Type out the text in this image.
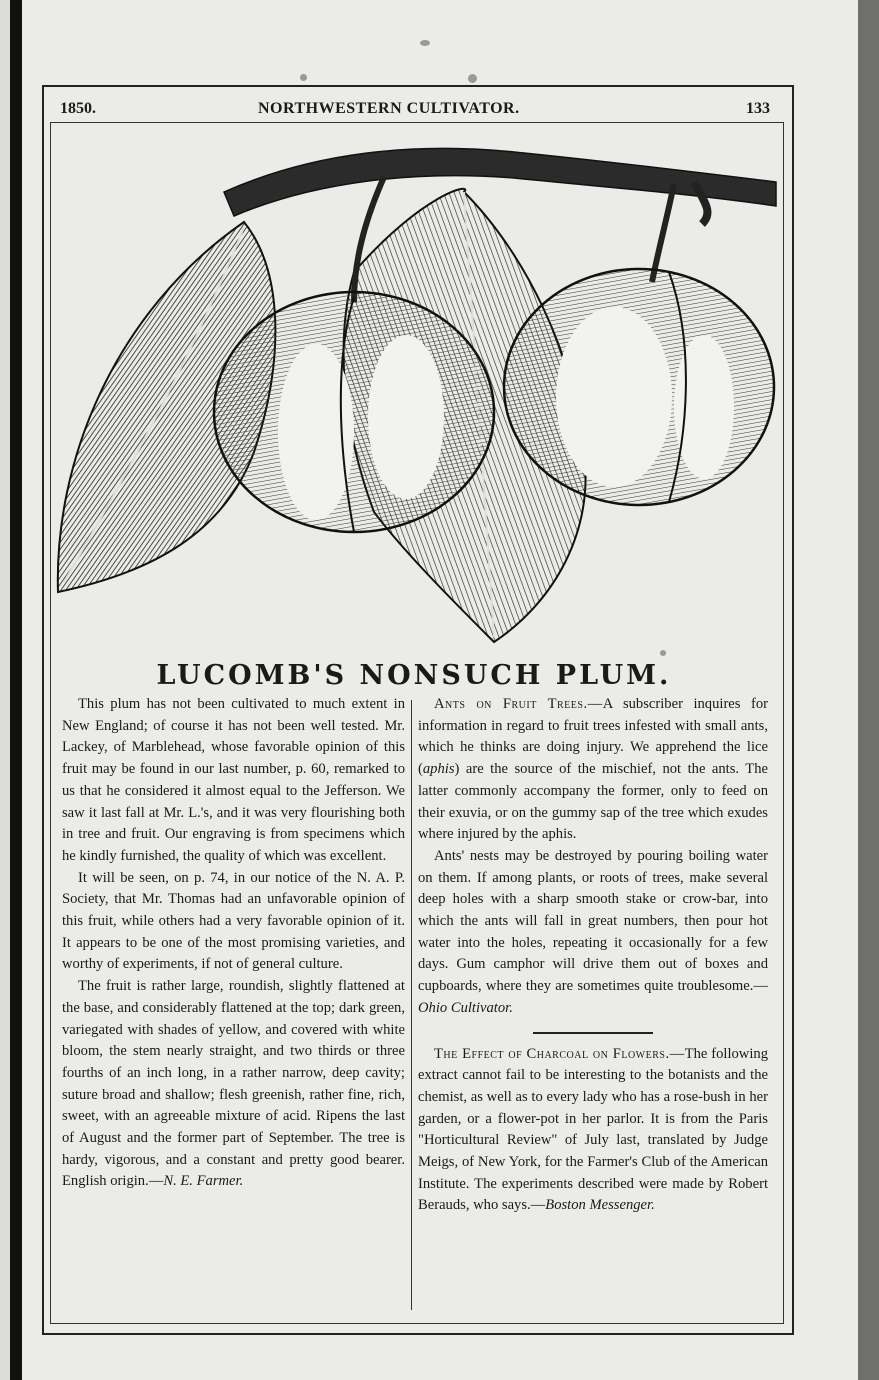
1850.	NORTHWESTERN CULTIVATOR.	133
LUCOMB'S NONSUCH PLUM.

This plum has not been cultivated to much extent in New England; of course it has not been well tested. Mr. Lackey, of Marblehead, whose favorable opinion of this fruit may be found in our last number, p. 60, remarked to us that he considered it almost equal to the Jefferson. We saw it last fall at Mr. L.'s, and it was very flourishing both in tree and fruit. Our engraving is from specimens which he kindly furnished, the quality of which was excellent.

It will be seen, on p. 74, in our notice of the N. A. P. Society, that Mr. Thomas had an unfavorable opinion of this fruit, while others had a very favorable opinion of it. It appears to be one of the most promising varieties, and worthy of experiments, if not of general culture.

The fruit is rather large, roundish, slightly flattened at the base, and considerably flattened at the top; dark green, variegated with shades of yellow, and covered with white bloom, the stem nearly straight, and two thirds or three fourths of an inch long, in a rather narrow, deep cavity; suture broad and shallow; flesh greenish, rather fine, rich, sweet, with an agreeable mixture of acid. Ripens the last of August and the former part of September. The tree is hardy, vigorous, and a constant and pretty good bearer. English origin.—N. E. Farmer.

Ants on Fruit Trees.—A subscriber inquires for information in regard to fruit trees infested with small ants, which he thinks are doing injury. We apprehend the lice (aphis) are the source of the mischief, not the ants. The latter commonly accompany the former, only to feed on their exuvia, or on the gummy sap of the tree which exudes where injured by the aphis.

Ants' nests may be destroyed by pouring boiling water on them. If among plants, or roots of trees, make several deep holes with a sharp smooth stake or crow-bar, into which the ants will fall in great numbers, then pour hot water into the holes, repeating it occasionally for a few days. Gum camphor will drive them out of boxes and cupboards, where they are sometimes quite troublesome.—Ohio Cultivator.

The Effect of Charcoal on Flowers.—The following extract cannot fail to be interesting to the botanists and the chemist, as well as to every lady who has a rose-bush in her garden, or a flower-pot in her parlor. It is from the Paris "Horticultural Review" of July last, translated by Judge Meigs, of New York, for the Farmer's Club of the American Institute. The experiments described were made by Robert Berauds, who says.—Boston Messenger.
